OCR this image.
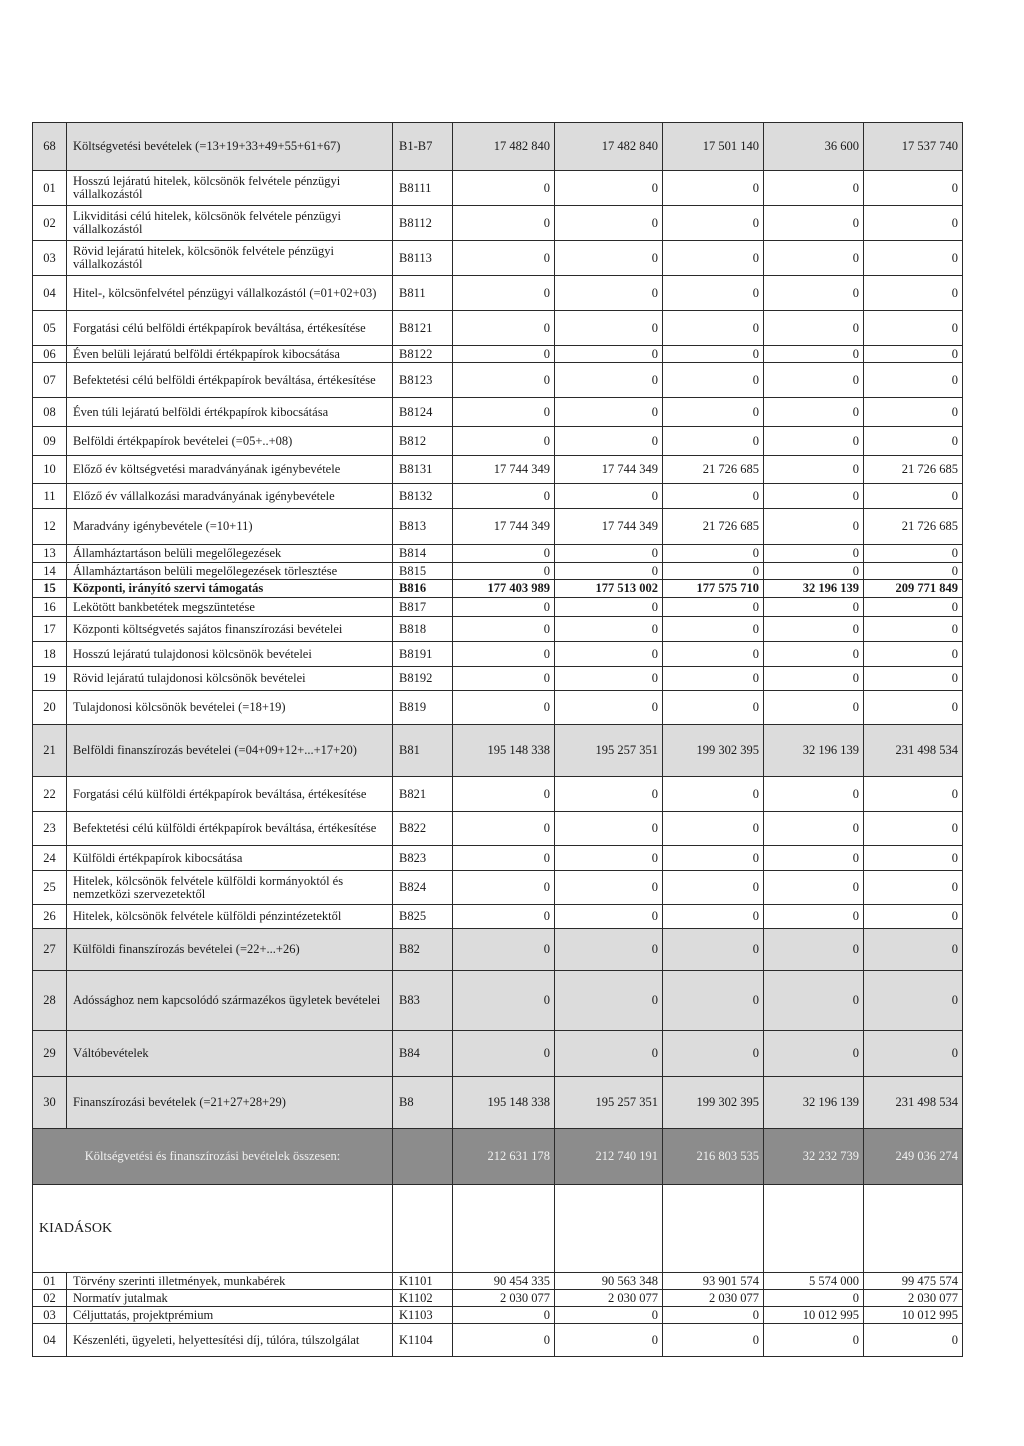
68	Költségvetési bevételek (=13+19+33+49+55+61+67)	B1-B7	17 482 840	17 482 840	17 501 140	36 600	17 537 740
01	Hosszú lejáratú hitelek, kölcsönök felvétele pénzügyi vállalkozástól	B8111	0	0	0	0	0
02	Likviditási célú hitelek, kölcsönök felvétele pénzügyi vállalkozástól	B8112	0	0	0	0	0
03	Rövid lejáratú hitelek, kölcsönök felvétele pénzügyi vállalkozástól	B8113	0	0	0	0	0
04	Hitel-, kölcsönfelvétel pénzügyi vállalkozástól (=01+02+03)	B811	0	0	0	0	0
05	Forgatási célú belföldi értékpapírok beváltása, értékesítése	B8121	0	0	0	0	0
06	Éven belüli lejáratú belföldi értékpapírok kibocsátása	B8122	0	0	0	0	0
07	Befektetési célú belföldi értékpapírok beváltása, értékesítése	B8123	0	0	0	0	0
08	Éven túli lejáratú belföldi értékpapírok kibocsátása	B8124	0	0	0	0	0
09	Belföldi értékpapírok bevételei (=05+..+08)	B812	0	0	0	0	0
10	Előző év költségvetési maradványának igénybevétele	B8131	17 744 349	17 744 349	21 726 685	0	21 726 685
11	Előző év vállalkozási maradványának igénybevétele	B8132	0	0	0	0	0
12	Maradvány igénybevétele (=10+11)	B813	17 744 349	17 744 349	21 726 685	0	21 726 685
13	Államháztartáson belüli megelőlegezések	B814	0	0	0	0	0
14	Államháztartáson belüli megelőlegezések törlesztése	B815	0	0	0	0	0
15	Központi, irányító szervi támogatás	B816	177 403 989	177 513 002	177 575 710	32 196 139	209 771 849
16	Lekötött bankbetétek megszüntetése	B817	0	0	0	0	0
17	Központi költségvetés sajátos finanszírozási bevételei	B818	0	0	0	0	0
18	Hosszú lejáratú tulajdonosi kölcsönök bevételei	B8191	0	0	0	0	0
19	Rövid lejáratú tulajdonosi kölcsönök bevételei	B8192	0	0	0	0	0
20	Tulajdonosi kölcsönök bevételei (=18+19)	B819	0	0	0	0	0
21	Belföldi finanszírozás bevételei (=04+09+12+...+17+20)	B81	195 148 338	195 257 351	199 302 395	32 196 139	231 498 534
22	Forgatási célú külföldi értékpapírok beváltása, értékesítése	B821	0	0	0	0	0
23	Befektetési célú külföldi értékpapírok beváltása, értékesítése	B822	0	0	0	0	0
24	Külföldi értékpapírok kibocsátása	B823	0	0	0	0	0
25	Hitelek, kölcsönök felvétele külföldi kormányoktól és nemzetközi szervezetektől	B824	0	0	0	0	0
26	Hitelek, kölcsönök felvétele külföldi pénzintézetektől	B825	0	0	0	0	0
27	Külföldi finanszírozás bevételei (=22+...+26)	B82	0	0	0	0	0
28	Adóssághoz nem kapcsolódó származékos ügyletek bevételei	B83	0	0	0	0	0
29	Váltóbevételek	B84	0	0	0	0	0
30	Finanszírozási bevételek (=21+27+28+29)	B8	195 148 338	195 257 351	199 302 395	32 196 139	231 498 534
Költségvetési és finanszírozási bevételek összesen:			212 631 178	212 740 191	216 803 535	32 232 739	249 036 274
KIADÁSOK							
01	Törvény szerinti illetmények, munkabérek	K1101	90 454 335	90 563 348	93 901 574	5 574 000	99 475 574
02	Normatív jutalmak	K1102	2 030 077	2 030 077	2 030 077	0	2 030 077
03	Céljuttatás, projektprémium	K1103	0	0	0	10 012 995	10 012 995
04	Készenléti, ügyeleti, helyettesítési díj, túlóra, túlszolgálat	K1104	0	0	0	0	0
